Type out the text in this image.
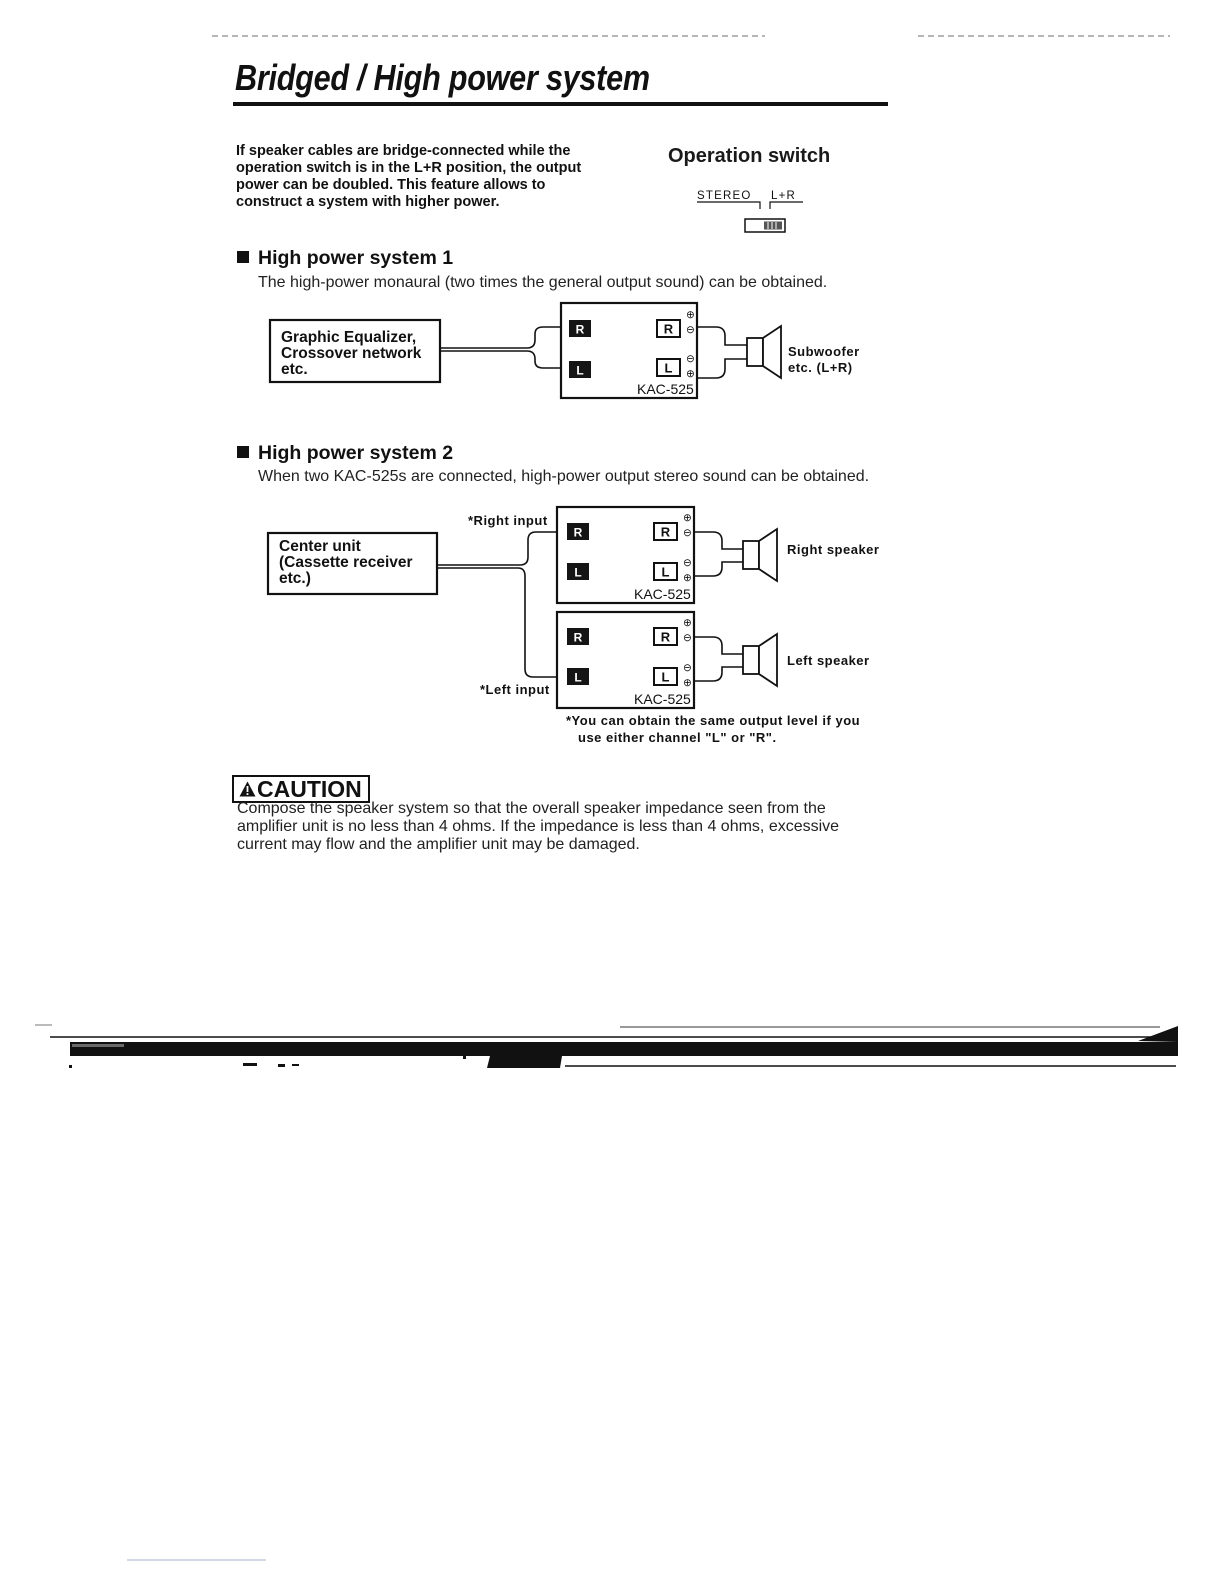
STEREO L+R
Graphic Equalizer,
Crossover network
etc.
R
L
R
⊕
⊖
L
⊖
⊕
KAC-525
Subwoofer
etc. (L+R)
Center unit
(Cassette receiver
etc.)
*Right input
*Left input
R
L
R
⊕
⊖
L
⊖
⊕
KAC-525
R
L
R
⊕
⊖
L
⊖
⊕
KAC-525
Right speaker
Left speaker
*You can obtain the same output level if you
use either channel "L" or "R".
Bridged / High power system
If speaker cables are bridge-connected while the
operation switch is in the L+R position, the output
power can be doubled. This feature allows to
construct a system with higher power.
Operation switch
High power system 1
The high-power monaural (two times the general output sound) can be obtained.
High power system 2
When two KAC-525s are connected, high-power output stereo sound can be obtained.
CAUTION
Compose the speaker system so that the overall speaker impedance seen from the
amplifier unit is no less than 4 ohms. If the impedance is less than 4 ohms, excessive
current may flow and the amplifier unit may be damaged.
